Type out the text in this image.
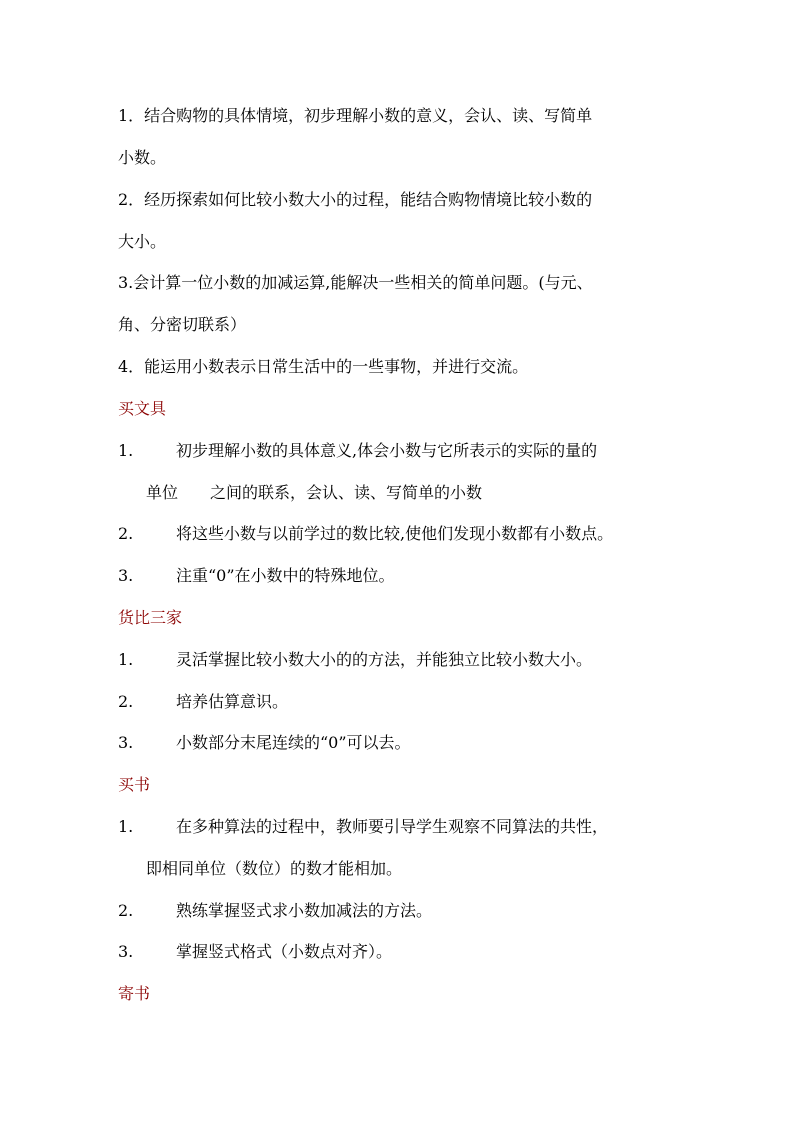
1．结合购物的具体情境，初步理解小数的意义，会认、读、写简单
小数。
2．经历探索如何比较小数大小的过程，能结合购物情境比较小数的
大小。
3.会计算一位小数的加减运算,能解决一些相关的简单问题。(与元、
角、分密切联系）
4．能运用小数表示日常生活中的一些事物，并进行交流。
买文具
1.	初步理解小数的具体意义,体会小数与它所表示的实际的量的
单位　　之间的联系，会认、读、写简单的小数
2.	将这些小数与以前学过的数比较,使他们发现小数都有小数点。
3.	注重“0”在小数中的特殊地位。
货比三家
1.	灵活掌握比较小数大小的的方法，并能独立比较小数大小。
2.	培养估算意识。
3.	小数部分末尾连续的“0”可以去。
买书
1.	在多种算法的过程中，教师要引导学生观察不同算法的共性，
即相同单位（数位）的数才能相加。
2.	熟练掌握竖式求小数加减法的方法。
3.	掌握竖式格式（小数点对齐）。
寄书
